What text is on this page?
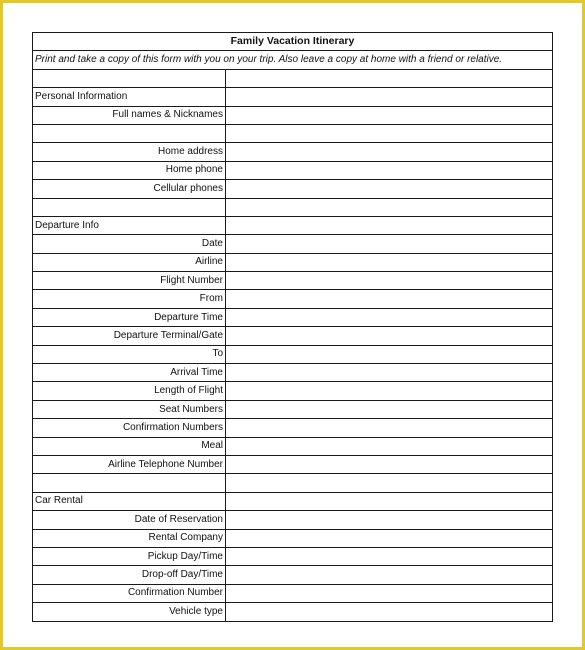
Family Vacation Itinerary	
Print and take a copy of this form with you on your trip. Also leave a copy at home with a friend or relative.	

Personal Information	
Full names & Nicknames	

Home address	
Home phone	
Cellular phones	

Departure Info	
Date	
Airline	
Flight Number	
From	
Departure Time	
Departure Terminal/Gate	
To	
Arrival Time	
Length of Flight	
Seat Numbers	
Confirmation Numbers	
Meal	
Airline Telephone Number	

Car Rental	
Date of Reservation	
Rental Company	
Pickup Day/Time	
Drop-off Day/Time	
Confirmation Number	
Vehicle type	
